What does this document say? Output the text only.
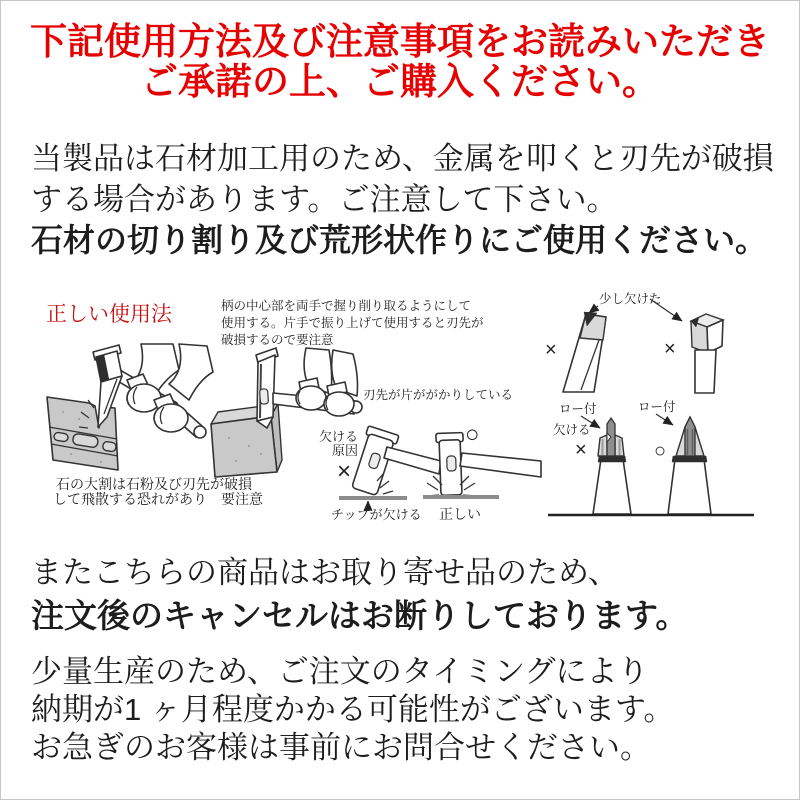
下記使用方法及び注意事項をお読みいただき
ご承諾の上、ご購入ください。
当製品は石材加工用のため、金属を叩くと刃先が破損
する場合があります。ご注意して下さい。
石材の切り割り及び荒形状作りにご使用ください。
正しい使用法	柄の中心部を両手で握り削り取るようにして
使用する。片手で振り上げて使用すると刃先が
破損するので要注意
石の大割は石粉及び刃先が破損
して飛散する恐れがあり　要注意
刃先が片ががかりしている
欠ける
原因
×
○
チップが欠ける 正しい
少し欠けた
×	×
ロー付
欠ける
×
ロー付
○
またこちらの商品はお取り寄せ品のため、
注文後のキャンセルはお断りしております。
少量生産のため、ご注文のタイミングにより
納期が1 ヶ月程度かかる可能性がございます。
お急ぎのお客様は事前にお問合せください。
